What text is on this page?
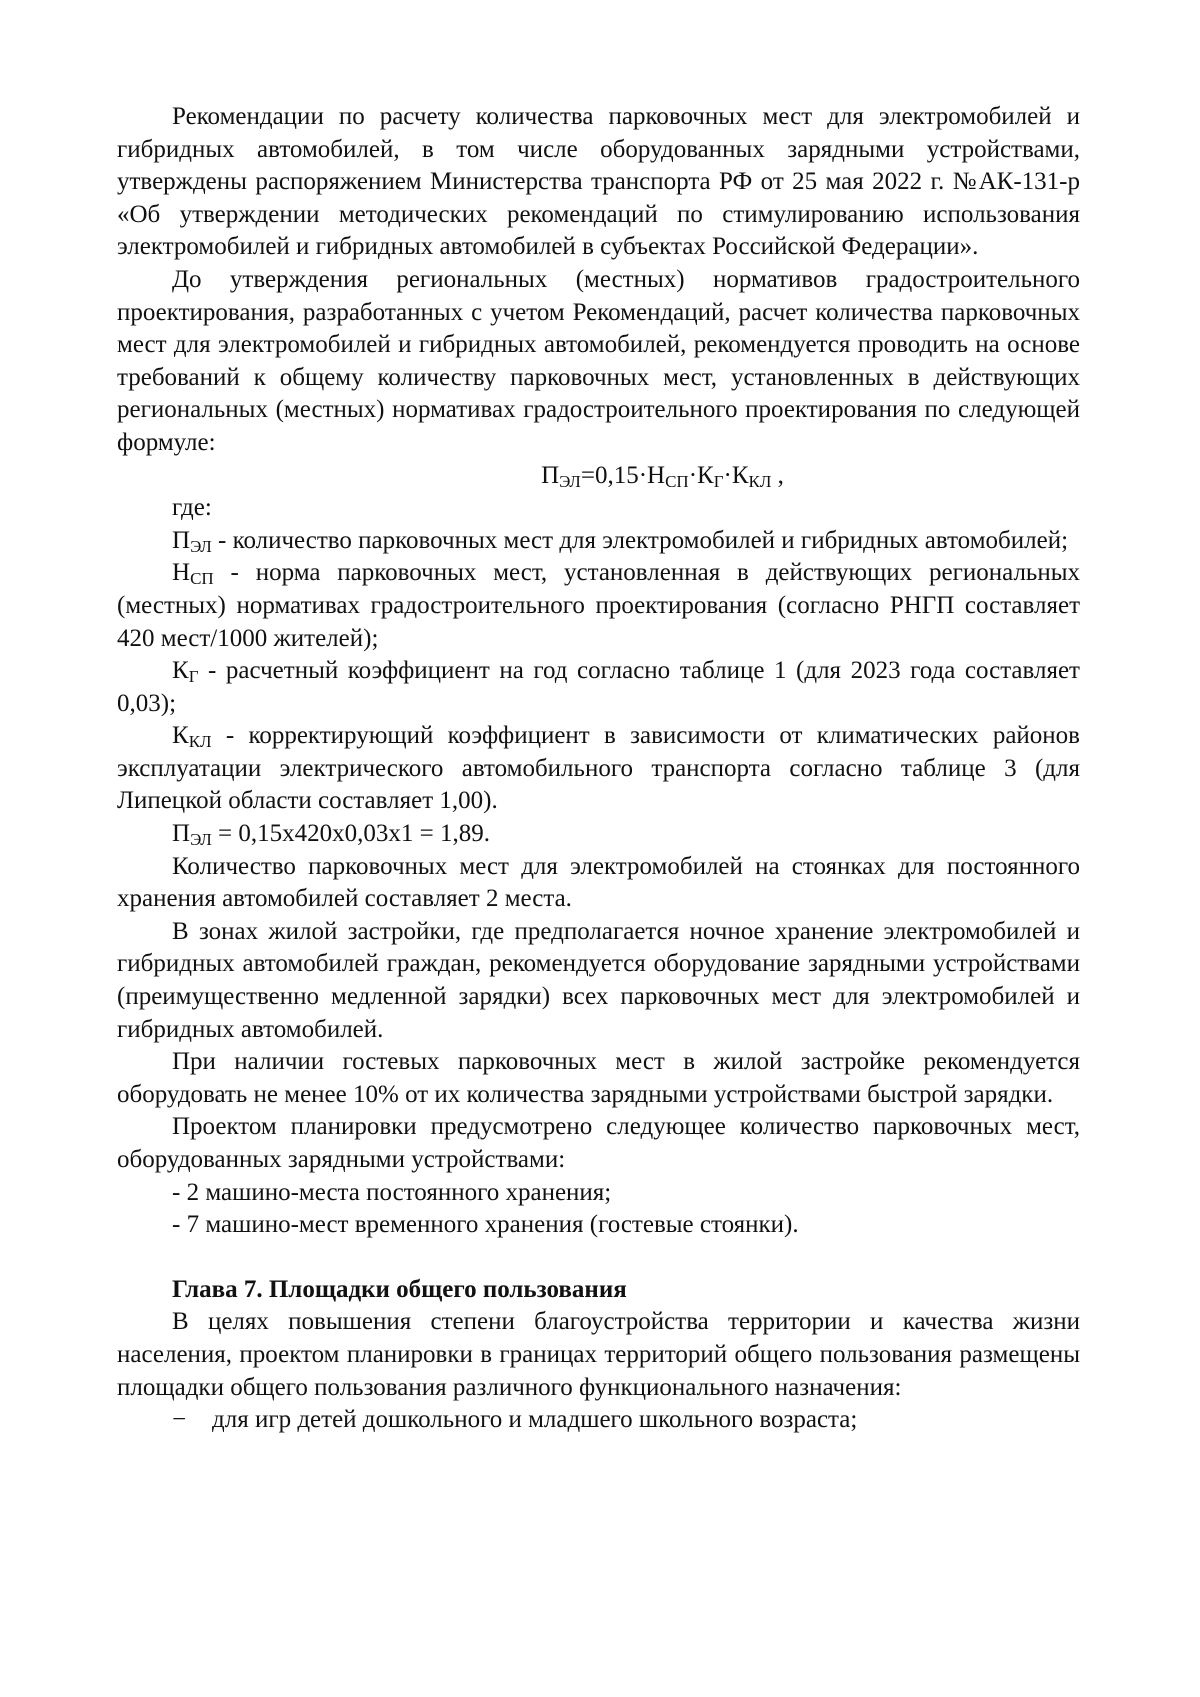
Рекомендации по расчету количества парковочных мест для электромобилей и гибридных автомобилей, в том числе оборудованных зарядными устройствами, утверждены распоряжением Министерства транспорта РФ от 25 мая 2022 г. №АК-131-р «Об утверждении методических рекомендаций по стимулированию использования электромобилей и гибридных автомобилей в субъектах Российской Федерации».

До утверждения региональных (местных) нормативов градостроительного проектирования, разработанных с учетом Рекомендаций, расчет количества парковочных мест для электромобилей и гибридных автомобилей, рекомендуется проводить на основе требований к общему количеству парковочных мест, установленных в действующих региональных (местных) нормативах градостроительного проектирования по следующей формуле:

$П_{ЭЛ}=0,15\cdot Н_{СП}\cdot К_Г\cdot К_{КЛ}$ ,

где:

$П_{ЭЛ}$ - количество парковочных мест для электромобилей и гибридных автомобилей;

$Н_{СП}$ - норма парковочных мест, установленная в действующих региональных (местных) нормативах градостроительного проектирования (согласно РНГП составляет 420 мест/1000 жителей);

$К_Г$ - расчетный коэффициент на год согласно таблице 1 (для 2023 года составляет 0,03);

$К_{КЛ}$ - корректирующий коэффициент в зависимости от климатических районов эксплуатации электрического автомобильного транспорта согласно таблице 3 (для Липецкой области составляет 1,00).

$П_{ЭЛ} = 0,15х420х0,03х1 = 1,89$.

Количество парковочных мест для электромобилей на стоянках для постоянного хранения автомобилей составляет 2 места.

В зонах жилой застройки, где предполагается ночное хранение электромобилей и гибридных автомобилей граждан, рекомендуется оборудование зарядными устройствами (преимущественно медленной зарядки) всех парковочных мест для электромобилей и гибридных автомобилей.

При наличии гостевых парковочных мест в жилой застройке рекомендуется оборудовать не менее 10% от их количества зарядными устройствами быстрой зарядки.

Проектом планировки предусмотрено следующее количество парковочных мест, оборудованных зарядными устройствами:

- 2 машино-места постоянного хранения;

- 7 машино-мест временного хранения (гостевые стоянки).

Глава 7. Площадки общего пользования

В целях повышения степени благоустройства территории и качества жизни населения, проектом планировки в границах территорий общего пользования размещены площадки общего пользования различного функционального назначения:

−	для игр детей дошкольного и младшего школьного возраста;
